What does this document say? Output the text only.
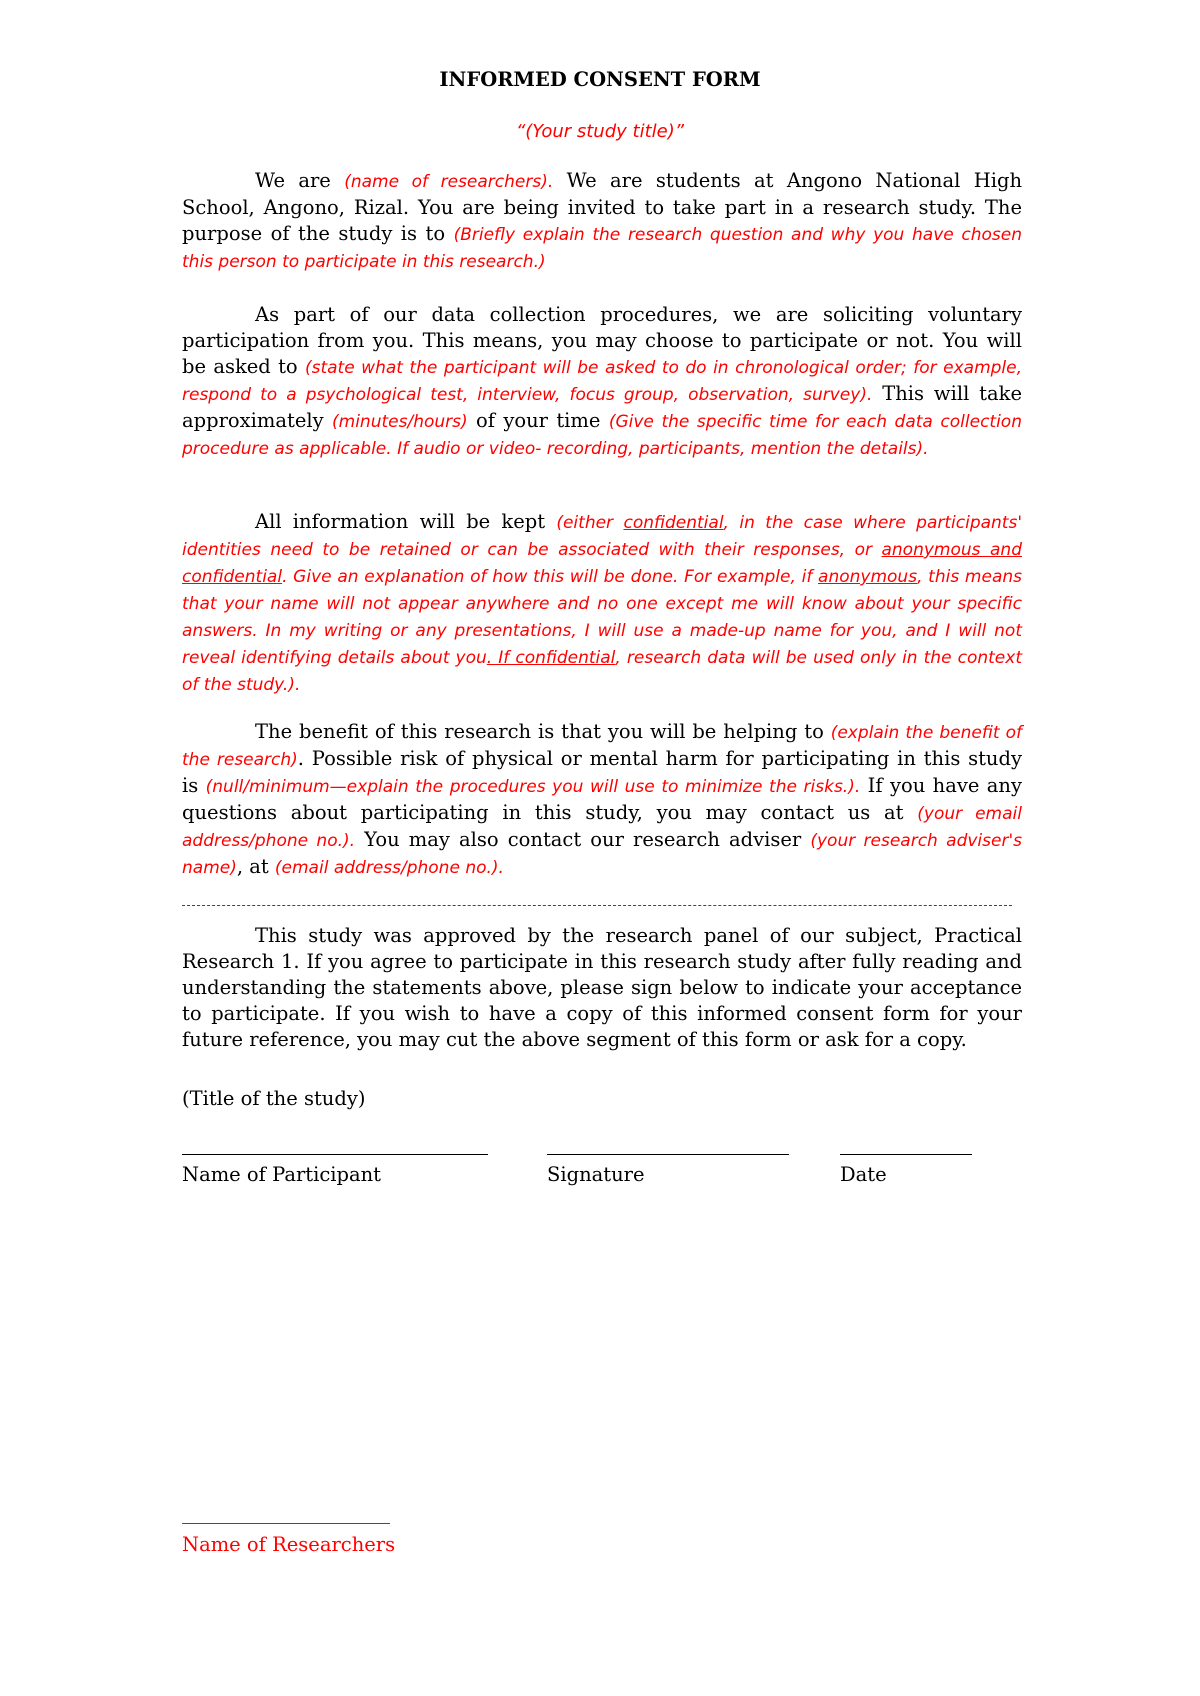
INFORMED CONSENT FORM
“(Your study title)”

We are (name of researchers). We are students at Angono National High School, Angono, Rizal. You are being invited to take part in a research study. The purpose of the study is to (Briefly explain the research question and why you have chosen this person to participate in this research.)

As part of our data collection procedures, we are soliciting voluntary participation from you. This means, you may choose to participate or not. You will be asked to (state what the participant will be asked to do in chronological order; for example, respond to a psychological test, interview, focus group, observation, survey). This will take approximately (minutes/hours) of your time (Give the specific time for each data collection procedure as applicable. If audio or video- recording, participants, mention the details).

All information will be kept (either confidential, in the case where participants' identities need to be retained or can be associated with their responses, or anonymous and confidential. Give an explanation of how this will be done. For example, if anonymous, this means that your name will not appear anywhere and no one except me will know about your specific answers. In my writing or any presentations, I will use a made-up name for you, and I will not reveal identifying details about you. If confidential, research data will be used only in the context of the study.).

The benefit of this research is that you will be helping to (explain the benefit of the research). Possible risk of physical or mental harm for participating in this study is (null/minimum—explain the procedures you will use to minimize the risks.). If you have any questions about participating in this study, you may contact us at (your email address/phone no.). You may also contact our research adviser (your research adviser's name), at (email address/phone no.).

This study was approved by the research panel of our subject, Practical Research 1. If you agree to participate in this research study after fully reading and understanding the statements above, please sign below to indicate your acceptance to participate. If you wish to have a copy of this informed consent form for your future reference, you may cut the above segment of this form or ask for a copy.

(Title of the study)
Name of Participant	Signature	Date
Name of Researchers
